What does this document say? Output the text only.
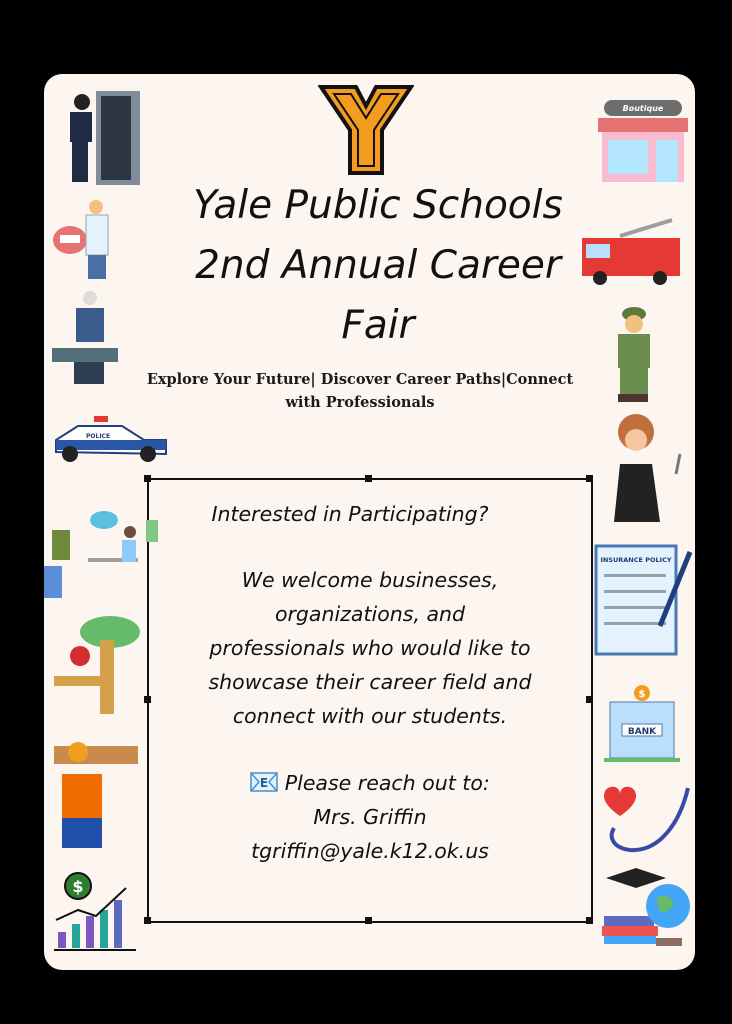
Yale Public Schools
2nd Annual Career
Fair
Explore Your Future| Discover Career Paths|Connect
with Professionals
Interested in Participating?
We welcome businesses,
organizations, and
professionals who would like to
showcase their career field and
connect with our students.
E Please reach out to:
Mrs. Griffin
tgriffin@yale.k12.ok.us
POLICE
$
Boutique
INSURANCE POLICY
$
BANK
